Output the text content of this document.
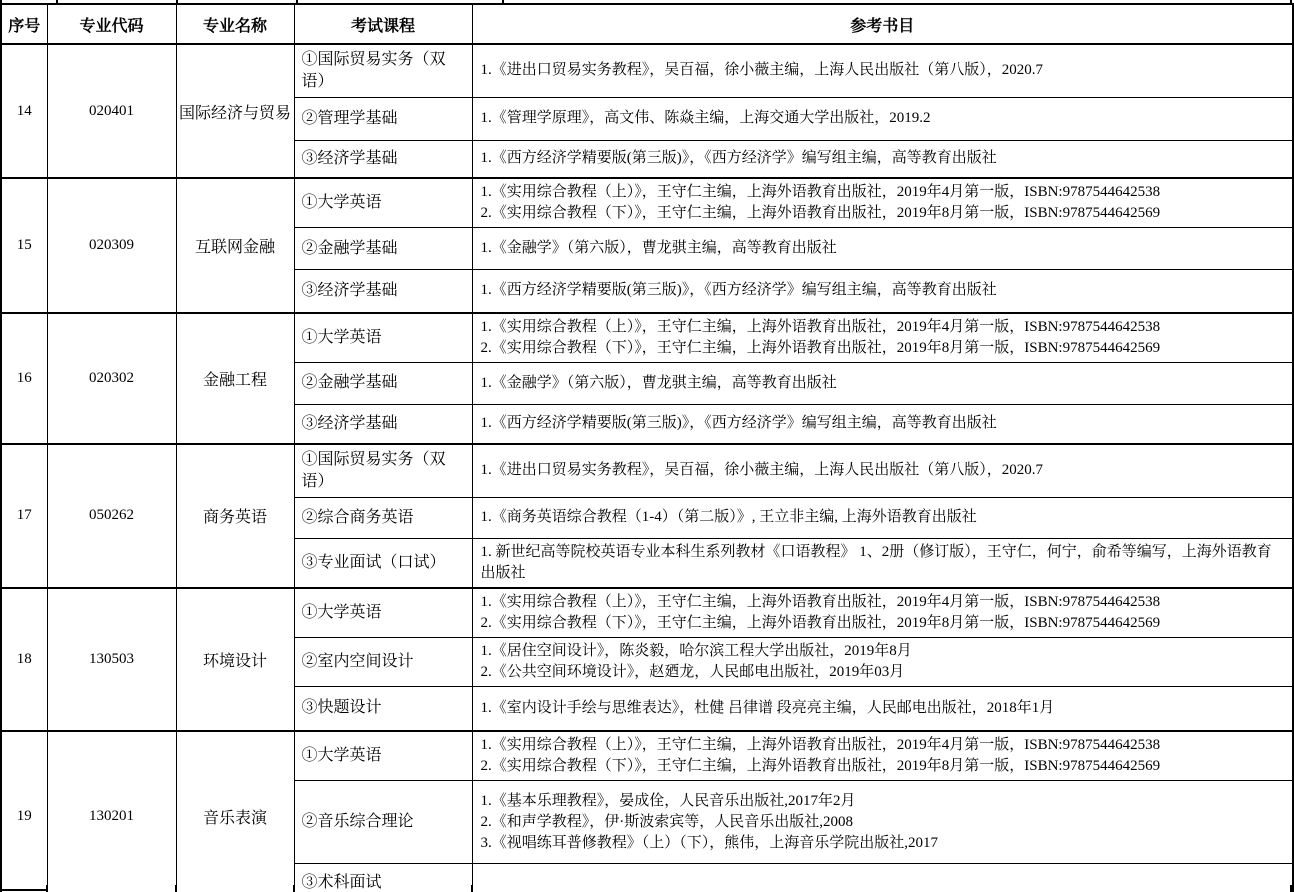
序号	专业代码	专业名称	考试课程	参考书目
14	020401	国际经济与贸易	①国际贸易实务（双语）	1.《进出口贸易实务教程》，吴百福，徐小薇主编，上海人民出版社（第八版），2020.7

			②管理学基础	1.《管理学原理》，高文伟、陈焱主编，上海交通大学出版社，2019.2

			③经济学基础	1.《西方经济学精要版(第三版)》，《西方经济学》编写组主编，高等教育出版社

15	020309	互联网金融	①大学英语	1.《实用综合教程（上）》，王守仁主编，上海外语教育出版社，2019年4月第一版，ISBN:9787544642538
2.《实用综合教程（下）》，王守仁主编，上海外语教育出版社，2019年8月第一版，ISBN:9787544642569

			②金融学基础	1.《金融学》（第六版），曹龙骐主编，高等教育出版社

			③经济学基础	1.《西方经济学精要版(第三版)》，《西方经济学》编写组主编，高等教育出版社

16	020302	金融工程	①大学英语	1.《实用综合教程（上）》，王守仁主编，上海外语教育出版社，2019年4月第一版，ISBN:9787544642538
2.《实用综合教程（下）》，王守仁主编，上海外语教育出版社，2019年8月第一版，ISBN:9787544642569

			②金融学基础	1.《金融学》（第六版），曹龙骐主编，高等教育出版社

			③经济学基础	1.《西方经济学精要版(第三版)》，《西方经济学》编写组主编，高等教育出版社

17	050262	商务英语	①国际贸易实务（双语）	1.《进出口贸易实务教程》，吴百福，徐小薇主编，上海人民出版社（第八版），2020.7

			②综合商务英语	1.《商务英语综合教程（1-4）（第二版）》, 王立非主编, 上海外语教育出版社

			③专业面试（口试）	1. 新世纪高等院校英语专业本科生系列教材《口语教程》 1、2册（修订版），王守仁，何宁，俞希等编写，上海外语教育出版社

18	130503	环境设计	①大学英语	1.《实用综合教程（上）》，王守仁主编，上海外语教育出版社，2019年4月第一版，ISBN:9787544642538
2.《实用综合教程（下）》，王守仁主编，上海外语教育出版社，2019年8月第一版，ISBN:9787544642569

			②室内空间设计	1.《居住空间设计》，陈炎毅，哈尔滨工程大学出版社，2019年8月
2.《公共空间环境设计》，赵廼龙，人民邮电出版社，2019年03月

			③快题设计	1.《室内设计手绘与思维表达》，杜健 吕律谱 段亮亮主编，人民邮电出版社，2018年1月

19	130201	音乐表演	①大学英语	1.《实用综合教程（上）》，王守仁主编，上海外语教育出版社，2019年4月第一版，ISBN:9787544642538
2.《实用综合教程（下）》，王守仁主编，上海外语教育出版社，2019年8月第一版，ISBN:9787544642569

			②音乐综合理论	1.《基本乐理教程》，晏成佺，人民音乐出版社,2017年2月
2.《和声学教程》，伊·斯波索宾等，人民音乐出版社,2008
3.《视唱练耳普修教程》（上）（下），熊伟，上海音乐学院出版社,2017

			③术科面试	
